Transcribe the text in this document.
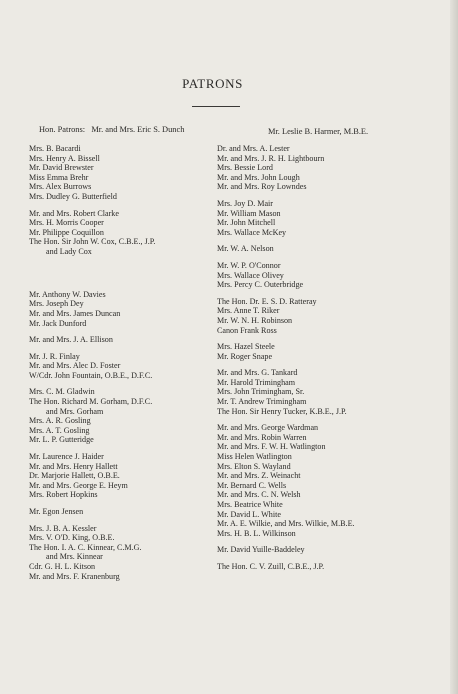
PATRONS
Hon. Patrons: Mr. and Mrs. Eric S. Dunch	Mr. Leslie B. Harmer, M.B.E.
Mrs. B. Bacardi
Mrs. Henry A. Bissell
Mr. David Brewster
Miss Emma Brehr
Mrs. Alex Burrows
Mrs. Dudley G. Butterfield
Mr. and Mrs. Robert Clarke
Mrs. H. Morris Cooper
Mr. Philippe Coquillon
The Hon. Sir John W. Cox, C.B.E., J.P.
and Lady Cox

Mr. Anthony W. Davies
Mrs. Joseph Dey
Mr. and Mrs. James Duncan
Mr. Jack Dunford
Mr. and Mrs. J. A. Ellison
Mr. J. R. Finlay
Mr. and Mrs. Alec D. Foster
W/Cdr. John Fountain, O.B.E., D.F.C.
Mrs. C. M. Gladwin
The Hon. Richard M. Gorham, D.F.C.
and Mrs. Gorham
Mrs. A. R. Gosling
Mrs. A. T. Gosling
Mr. L. P. Gutteridge
Mr. Laurence J. Haider
Mr. and Mrs. Henry Hallett
Dr. Marjorie Hallett, O.B.E.
Mr. and Mrs. George E. Heym
Mrs. Robert Hopkins
Mr. Egon Jensen
Mrs. J. B. A. Kessler
Mrs. V. O'D. King, O.B.E.
The Hon. I. A. C. Kinnear, C.M.G.
and Mrs. Kinnear
Cdr. G. H. L. Kitson
Mr. and Mrs. F. Kranenburg
Dr. and Mrs. A. Lester
Mr. and Mrs. J. R. H. Lightbourn
Mrs. Bessie Lord
Mr. and Mrs. John Lough
Mr. and Mrs. Roy Lowndes
Mrs. Joy D. Mair
Mr. William Mason
Mr. John Mitchell
Mrs. Wallace McKey
Mr. W. A. Nelson
Mr. W. P. O'Connor
Mrs. Wallace Olivey
Mrs. Percy C. Outerbridge
The Hon. Dr. E. S. D. Ratteray
Mrs. Anne T. Riker
Mr. W. N. H. Robinson
Canon Frank Ross
Mrs. Hazel Steele
Mr. Roger Snape
Mr. and Mrs. G. Tankard
Mr. Harold Trimingham
Mrs. John Trimingham, Sr.
Mr. T. Andrew Trimingham
The Hon. Sir Henry Tucker, K.B.E., J.P.
Mr. and Mrs. George Wardman
Mr. and Mrs. Robin Warren
Mr. and Mrs. F. W. H. Watlington
Miss Helen Watlington
Mrs. Elton S. Wayland
Mr. and Mrs. Z. Weinacht
Mr. Bernard C. Wells
Mr. and Mrs. C. N. Welsh
Mrs. Beatrice White
Mr. David L. White
Mr. A. E. Wilkie, and Mrs. Wilkie, M.B.E.
Mrs. H. B. L. Wilkinson
Mr. David Yuille-Baddeley
The Hon. C. V. Zuill, C.B.E., J.P.
